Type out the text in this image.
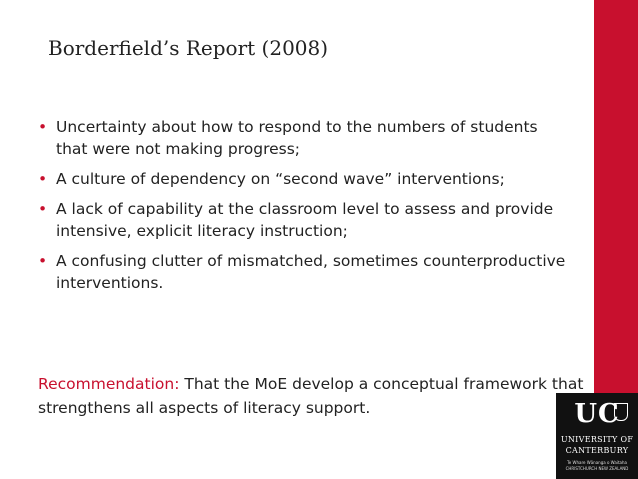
Borderfield’s Report (2008)
• Uncertainty about how to respond to the numbers of students that were not making progress;
• A culture of dependency on “second wave” interventions;
• A lack of capability at the classroom level to assess and provide intensive, explicit literacy instruction;
• A confusing clutter of mismatched, sometimes counterproductive interventions.
Recommendation: That the MoE develop a conceptual framework that strengthens all aspects of literacy support.	UC
UNIVERSITY OF
CANTERBURY
Te Whare Wānanga o Waitaha
CHRISTCHURCH NEW ZEALAND
